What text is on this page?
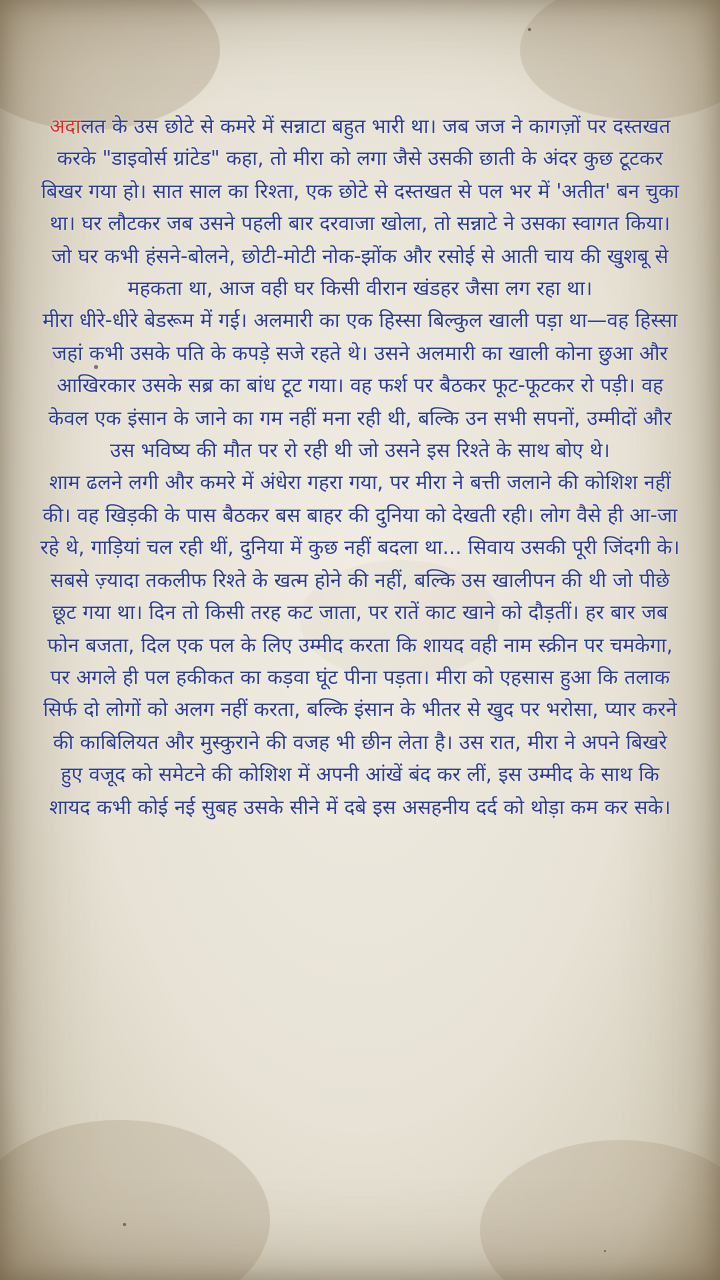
अदालत के उस छोटे से कमरे में सन्नाटा बहुत भारी था। जब जज ने कागज़ों पर दस्तखत करके "डाइवोर्स ग्रांटेड" कहा, तो मीरा को लगा जैसे उसकी छाती के अंदर कुछ टूटकर बिखर गया हो। सात साल का रिश्ता, एक छोटे से दस्तखत से पल भर में 'अतीत' बन चुका था। घर लौटकर जब उसने पहली बार दरवाजा खोला, तो सन्नाटे ने उसका स्वागत किया। जो घर कभी हंसने-बोलने, छोटी-मोटी नोक-झोंक और रसोई से आती चाय की खुशबू से महकता था, आज वही घर किसी वीरान खंडहर जैसा लग रहा था।

मीरा धीरे-धीरे बेडरूम में गई। अलमारी का एक हिस्सा बिल्कुल खाली पड़ा था—वह हिस्सा जहां कभी उसके पति के कपड़े सजे रहते थे। उसने अलमारी का खाली कोना छुआ और आखिरकार उसके सब्र का बांध टूट गया। वह फर्श पर बैठकर फूट-फूटकर रो पड़ी। वह केवल एक इंसान के जाने का गम नहीं मना रही थी, बल्कि उन सभी सपनों, उम्मीदों और उस भविष्य की मौत पर रो रही थी जो उसने इस रिश्ते के साथ बोए थे।

शाम ढलने लगी और कमरे में अंधेरा गहरा गया, पर मीरा ने बत्ती जलाने की कोशिश नहीं की। वह खिड़की के पास बैठकर बस बाहर की दुनिया को देखती रही। लोग वैसे ही आ-जा रहे थे, गाड़ियां चल रही थीं, दुनिया में कुछ नहीं बदला था... सिवाय उसकी पूरी जिंदगी के।

सबसे ज़्यादा तकलीफ रिश्ते के खत्म होने की नहीं, बल्कि उस खालीपन की थी जो पीछे छूट गया था। दिन तो किसी तरह कट जाता, पर रातें काट खाने को दौड़तीं। हर बार जब फोन बजता, दिल एक पल के लिए उम्मीद करता कि शायद वही नाम स्क्रीन पर चमकेगा, पर अगले ही पल हकीकत का कड़वा घूंट पीना पड़ता। मीरा को एहसास हुआ कि तलाक सिर्फ दो लोगों को अलग नहीं करता, बल्कि इंसान के भीतर से खुद पर भरोसा, प्यार करने की काबिलियत और मुस्कुराने की वजह भी छीन लेता है। उस रात, मीरा ने अपने बिखरे हुए वजूद को समेटने की कोशिश में अपनी आंखें बंद कर लीं, इस उम्मीद के साथ कि शायद कभी कोई नई सुबह उसके सीने में दबे इस असहनीय दर्द को थोड़ा कम कर सके।
